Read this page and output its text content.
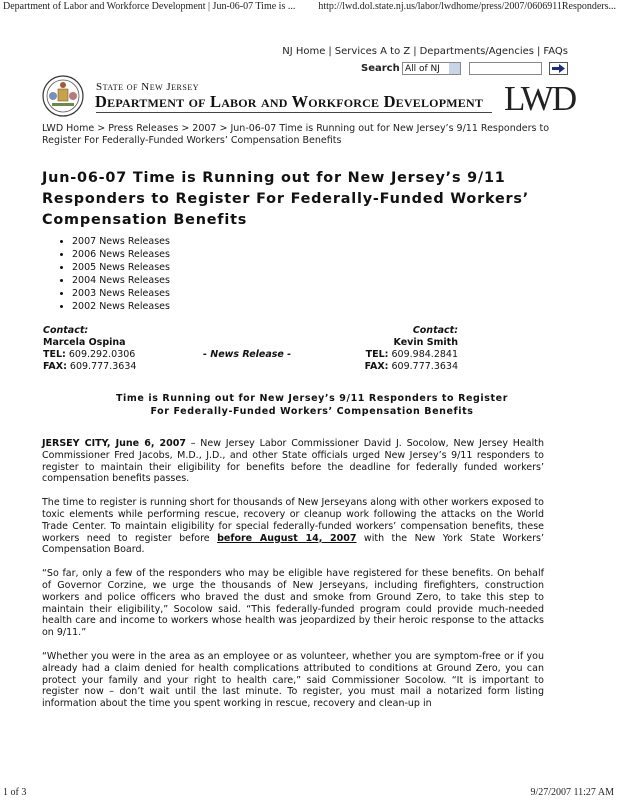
Department of Labor and Workforce Development | Jun-06-07 Time is ... http://lwd.dol.state.nj.us/labor/lwdhome/press/2007/0606911Responders...
NJ Home | Services A to Z | Departments/Agencies | FAQs
Search All of NJ
State of New Jersey
Department of Labor and Workforce Development LWD
LWD Home > Press Releases > 2007 > Jun-06-07 Time is Running out for New Jersey’s 9/11 Responders to Register For Federally-Funded Workers’ Compensation Benefits
Jun-06-07 Time is Running out for New Jersey’s 9/11 Responders to Register For Federally-Funded Workers’ Compensation Benefits
• 2007 News Releases
• 2006 News Releases
• 2005 News Releases
• 2004 News Releases
• 2003 News Releases
• 2002 News Releases
Contact:
Marcela Ospina
TEL: 609.292.0306
FAX: 609.777.3634
- News Release -
Contact:
Kevin Smith
TEL: 609.984.2841
FAX: 609.777.3634
Time is Running out for New Jersey’s 9/11 Responders to Register
For Federally-Funded Workers’ Compensation Benefits

JERSEY CITY, June 6, 2007 – New Jersey Labor Commissioner David J. Socolow, New Jersey Health Commissioner Fred Jacobs, M.D., J.D., and other State officials urged New Jersey’s 9/11 responders to register to maintain their eligibility for benefits before the deadline for federally funded workers’ compensation benefits passes.

The time to register is running short for thousands of New Jerseyans along with other workers exposed to toxic elements while performing rescue, recovery or cleanup work following the attacks on the World Trade Center. To maintain eligibility for special federally-funded workers’ compensation benefits, these workers need to register before before August 14, 2007 with the New York State Workers’ Compensation Board.

“So far, only a few of the responders who may be eligible have registered for these benefits. On behalf of Governor Corzine, we urge the thousands of New Jerseyans, including firefighters, construction workers and police officers who braved the dust and smoke from Ground Zero, to take this step to maintain their eligibility,” Socolow said. “This federally-funded program could provide much-needed health care and income to workers whose health was jeopardized by their heroic response to the attacks on 9/11.”

“Whether you were in the area as an employee or as volunteer, whether you are symptom-free or if you already had a claim denied for health complications attributed to conditions at Ground Zero, you can protect your family and your right to health care,” said Commissioner Socolow. “It is important to register now – don’t wait until the last minute. To register, you must mail a notarized form listing information about the time you spent working in rescue, recovery and clean-up in

1 of 3	9/27/2007 11:27 AM
